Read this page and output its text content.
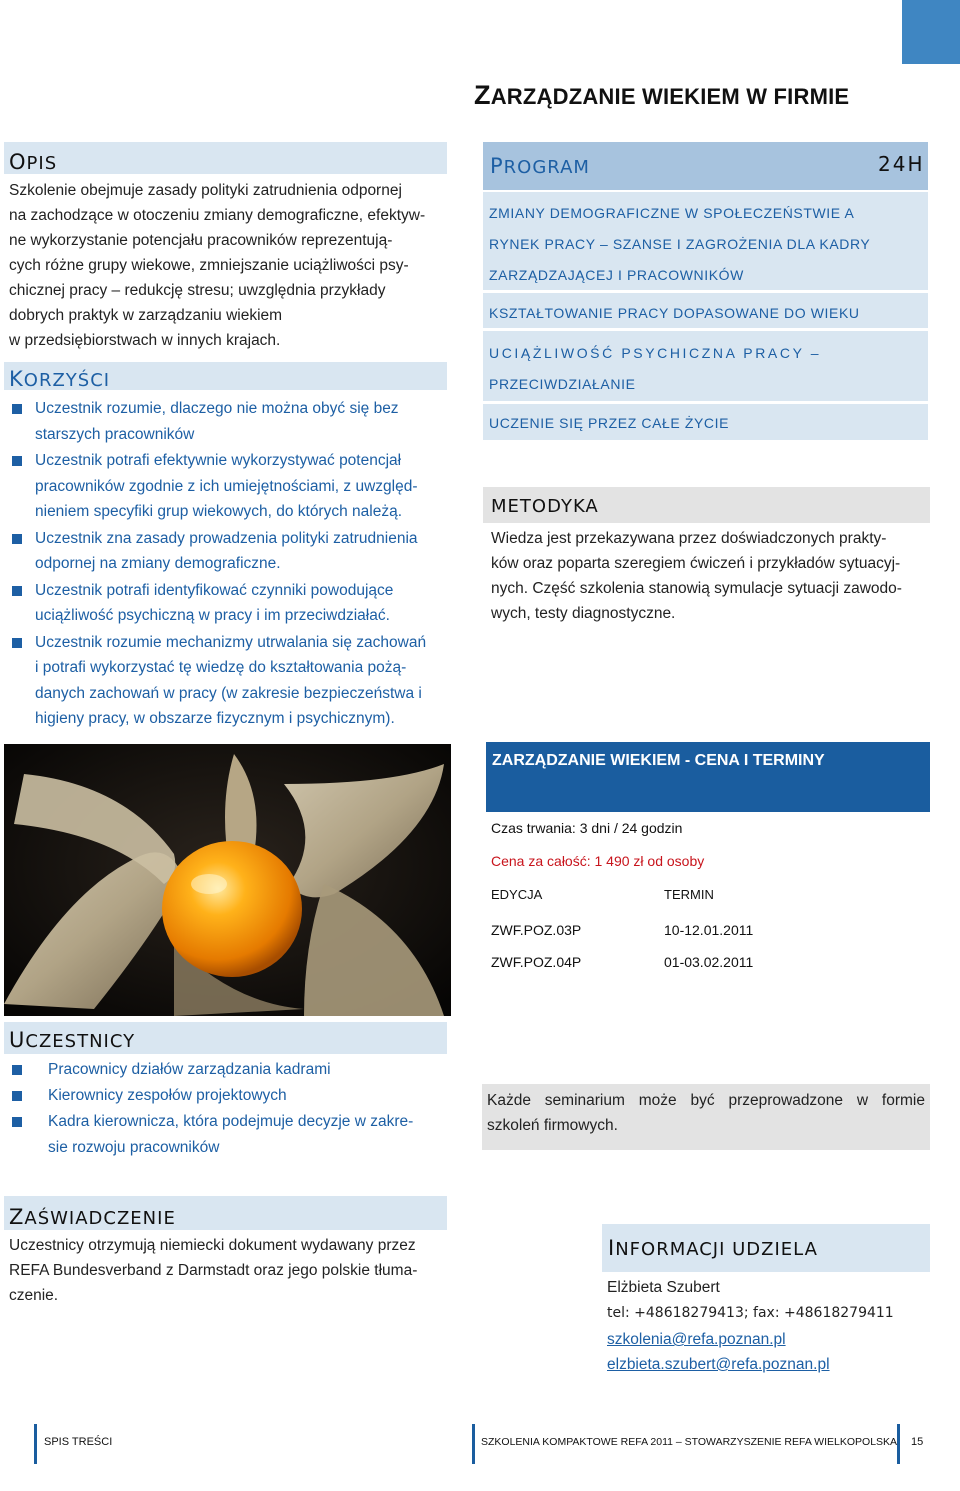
ZARZĄDZANIE WIEKIEM W FIRMIE
OPIS
Szkolenie obejmuje zasady polityki zatrudnienia odpornej
na zachodzące w otoczeniu zmiany demograficzne, efektyw-
ne wykorzystanie potencjału pracowników reprezentują-
cych różne grupy wiekowe, zmniejszanie uciążliwości psy-
chicznej pracy – redukcję stresu; uwzględnia przykłady
dobrych praktyk w zarządzaniu wiekiem
w przedsiębiorstwach w innych krajach.
KORZYŚCI
Uczestnik rozumie, dlaczego nie można obyć się bez
starszych pracowników
Uczestnik potrafi efektywnie wykorzystywać potencjał
pracowników zgodnie z ich umiejętnościami, z uwzględ-
nieniem specyfiki grup wiekowych, do których należą.
Uczestnik zna zasady prowadzenia polityki zatrudnienia
odpornej na zmiany demograficzne.
Uczestnik potrafi identyfikować czynniki powodujące
uciążliwość psychiczną w pracy i im przeciwdziałać.
Uczestnik rozumie mechanizmy utrwalania się zachowań
i potrafi wykorzystać tę wiedzę do kształtowania pożą-
danych zachowań w pracy (w zakresie bezpieczeństwa i
higieny pracy, w obszarze fizycznym i psychicznym).
PROGRAM	24H
ZMIANY DEMOGRAFICZNE W SPOŁECZEŃSTWIE A
RYNEK PRACY – SZANSE I ZAGROŻENIA DLA KADRY
ZARZĄDZAJĄCEJ I PRACOWNIKÓW
KSZTAŁTOWANIE PRACY DOPASOWANE DO WIEKU
UCIĄŻLIWOŚĆ PSYCHICZNA PRACY –
PRZECIWDZIAŁANIE
UCZENIE SIĘ PRZEZ CAŁE ŻYCIE
METODYKA
Wiedza jest przekazywana przez doświadczonych prakty-
ków oraz poparta szeregiem ćwiczeń i przykładów sytuacyj-
nych. Część szkolenia stanowią symulacje sytuacji zawodo-
wych, testy diagnostyczne.
ZARZĄDZANIE WIEKIEM - CENA I TERMINY
Czas trwania: 3 dni / 24 godzin
Cena za całość: 1 490 zł od osoby
EDYCJA	TERMIN
ZWF.POZ.03P	10-12.01.2011
ZWF.POZ.04P	01-03.02.2011
UCZESTNICY
Pracownicy działów zarządzania kadrami
Kierownicy zespołów projektowych
Kadra kierownicza, która podejmuje decyzje w zakre-
sie rozwoju pracowników
Każde seminarium może być przeprowadzone w formie
szkoleń firmowych.
ZAŚWIADCZENIE
Uczestnicy otrzymują niemiecki dokument wydawany przez
REFA Bundesverband z Darmstadt oraz jego polskie tłuma-
czenie.
INFORMACJI UDZIELA
Elżbieta Szubert
tel: +48618279413; fax: +48618279411
szkolenia@refa.poznan.pl
elzbieta.szubert@refa.poznan.pl
SPIS TREŚCI	SZKOLENIA KOMPAKTOWE REFA 2011 – STOWARZYSZENIE REFA WIELKOPOLSKA 15
